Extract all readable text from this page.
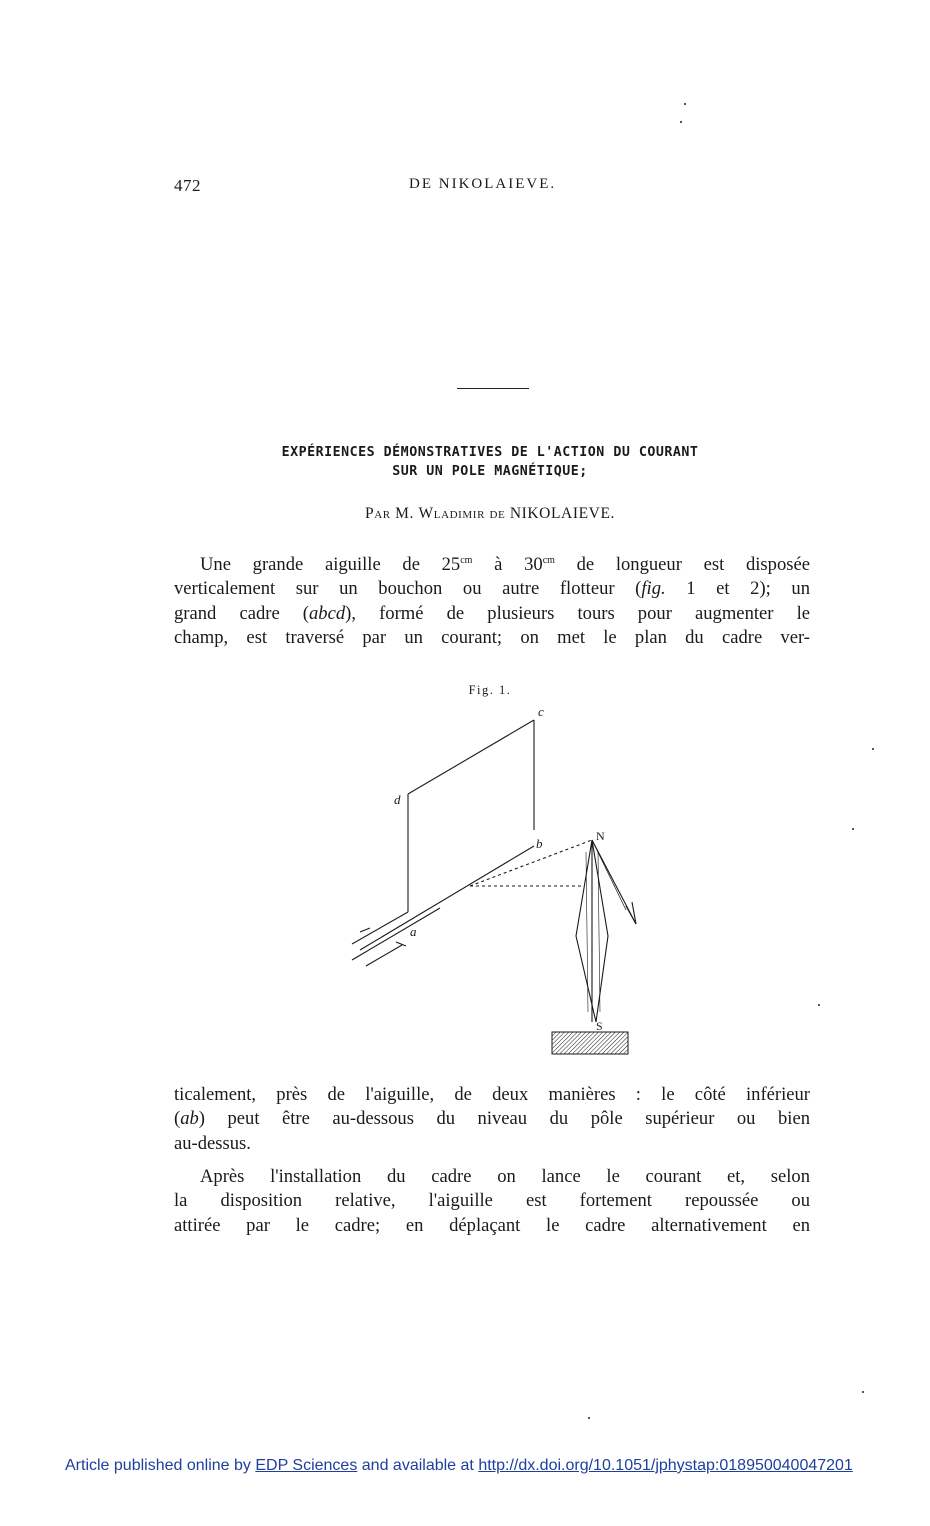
472	DE NIKOLAIEVE.
EXPÉRIENCES DÉMONSTRATIVES DE L'ACTION DU COURANT
SUR UN POLE MAGNÉTIQUE;
Par M. Wladimir de NIKOLAIEVE.
Une grande aiguille de $25^{cm}$ à $30^{cm}$ de longueur est disposée
verticalement sur un bouchon ou autre flotteur (fig. 1 et 2); un
grand cadre (abcd), formé de plusieurs tours pour augmenter le
champ, est traversé par un courant; on met le plan du cadre ver-
Fig. 1.
c
d
b
a
N
S
ticalement, près de l'aiguille, de deux manières : le côté inférieur
(ab) peut être au-dessous du niveau du pôle supérieur ou bien
au-dessus.
Après l'installation du cadre on lance le courant et, selon
la disposition relative, l'aiguille est fortement repoussée ou
attirée par le cadre; en déplaçant le cadre alternativement en
Article published online by EDP Sciences and available at http://dx.doi.org/10.1051/jphystap:018950040047201
